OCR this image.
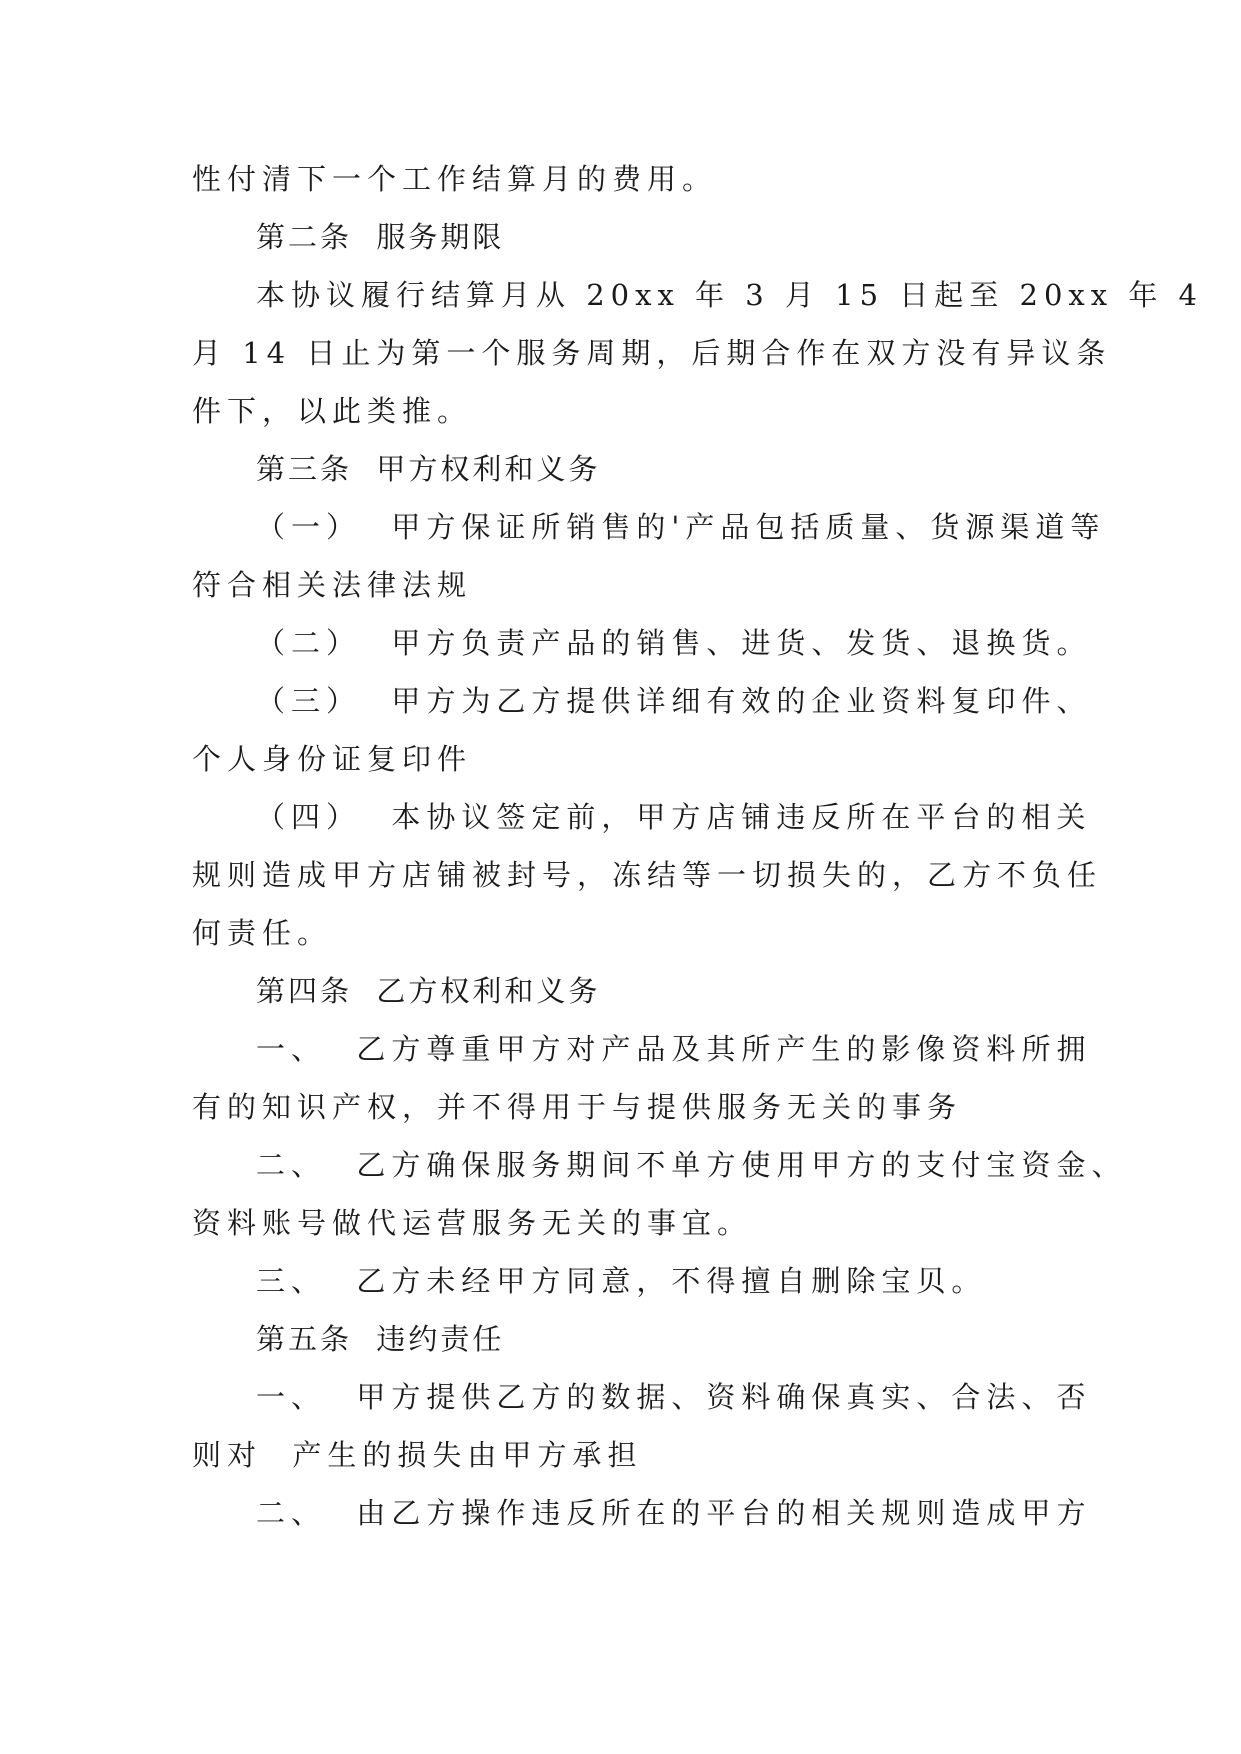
性付清下一个工作结算月的费用。
第二条  服务期限
本协议履行结算月从 20xx 年 3 月 15 日起至 20xx 年 4
月 14 日止为第一个服务周期，后期合作在双方没有异议条
件下，以此类推。
第三条  甲方权利和义务
（一）  甲方保证所销售的'产品包括质量、货源渠道等
符合相关法律法规
（二）  甲方负责产品的销售、进货、发货、退换货。
（三）  甲方为乙方提供详细有效的企业资料复印件、
个人身份证复印件
（四）  本协议签定前，甲方店铺违反所在平台的相关
规则造成甲方店铺被封号，冻结等一切损失的，乙方不负任
何责任。
第四条  乙方权利和义务
一、  乙方尊重甲方对产品及其所产生的影像资料所拥
有的知识产权，并不得用于与提供服务无关的事务
二、  乙方确保服务期间不单方使用甲方的支付宝资金、
资料账号做代运营服务无关的事宜。
三、  乙方未经甲方同意，不得擅自删除宝贝。
第五条  违约责任
一、  甲方提供乙方的数据、资料确保真实、合法、否
则对  产生的损失由甲方承担
二、  由乙方操作违反所在的平台的相关规则造成甲方
